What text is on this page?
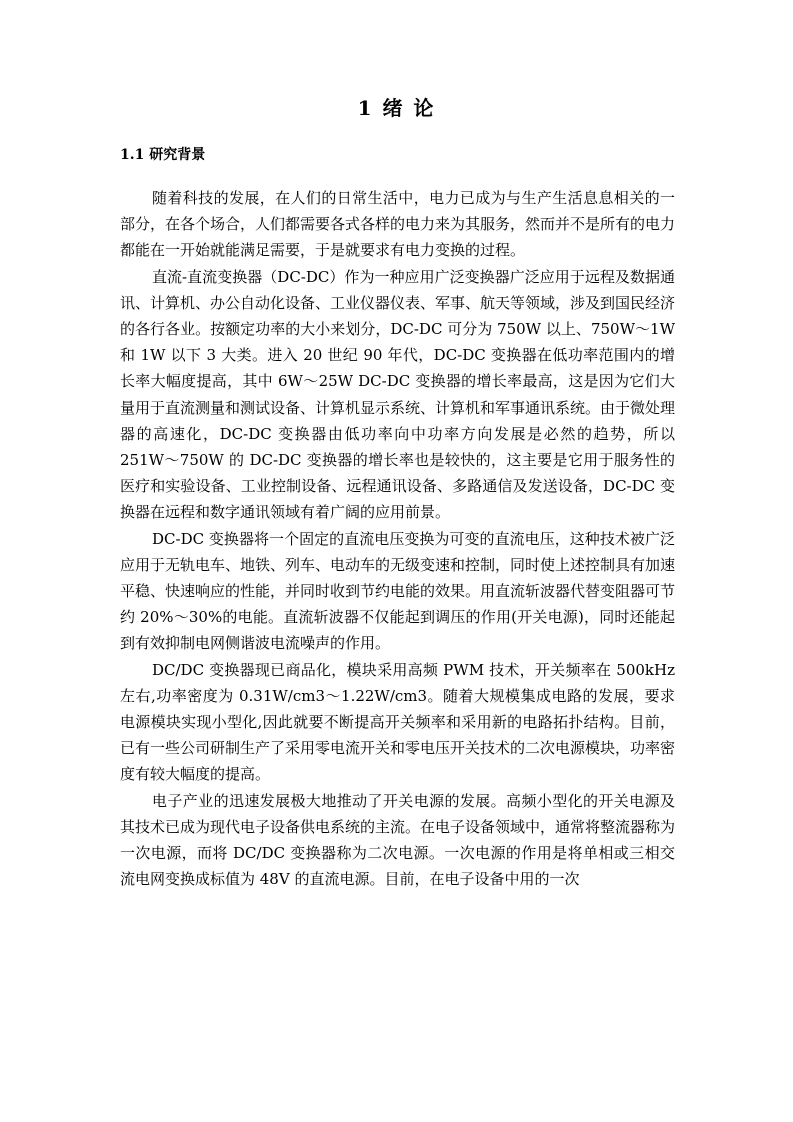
1 绪 论
1.1 研究背景

随着科技的发展，在人们的日常生活中，电力已成为与生产生活息息相关的一部分，在各个场合，人们都需要各式各样的电力来为其服务，然而并不是所有的电力都能在一开始就能满足需要，于是就要求有电力变换的过程。

直流-直流变换器（DC-DC）作为一种应用广泛变换器广泛应用于远程及数据通讯、计算机、办公自动化设备、工业仪器仪表、军事、航天等领域，涉及到国民经济的各行各业。按额定功率的大小来划分，DC-DC 可分为 750W 以上、750W～1W 和 1W 以下 3 大类。进入 20 世纪 90 年代，DC-DC 变换器在低功率范围内的增长率大幅度提高，其中 6W～25W DC-DC 变换器的增长率最高，这是因为它们大量用于直流测量和测试设备、计算机显示系统、计算机和军事通讯系统。由于微处理器的高速化，DC-DC 变换器由低功率向中功率方向发展是必然的趋势，所以 251W～750W 的 DC-DC 变换器的增长率也是较快的，这主要是它用于服务性的医疗和实验设备、工业控制设备、远程通讯设备、多路通信及发送设备，DC-DC 变换器在远程和数字通讯领域有着广阔的应用前景。

DC-DC 变换器将一个固定的直流电压变换为可变的直流电压，这种技术被广泛应用于无轨电车、地铁、列车、电动车的无级变速和控制，同时使上述控制具有加速平稳、快速响应的性能，并同时收到节约电能的效果。用直流斩波器代替变阻器可节约 20%～30%的电能。直流斩波器不仅能起到调压的作用(开关电源)，同时还能起到有效抑制电网侧谐波电流噪声的作用。

DC/DC 变换器现已商品化，模块采用高频 PWM 技术，开关频率在 500kHz 左右,功率密度为 0.31W/cm3～1.22W/cm3。随着大规模集成电路的发展，要求电源模块实现小型化,因此就要不断提高开关频率和采用新的电路拓扑结构。目前，已有一些公司研制生产了采用零电流开关和零电压开关技术的二次电源模块，功率密度有较大幅度的提高。

电子产业的迅速发展极大地推动了开关电源的发展。高频小型化的开关电源及其技术已成为现代电子设备供电系统的主流。在电子设备领域中，通常将整流器称为一次电源，而将 DC/DC 变换器称为二次电源。一次电源的作用是将单相或三相交流电网变换成标值为 48V 的直流电源。目前，在电子设备中用的一次
